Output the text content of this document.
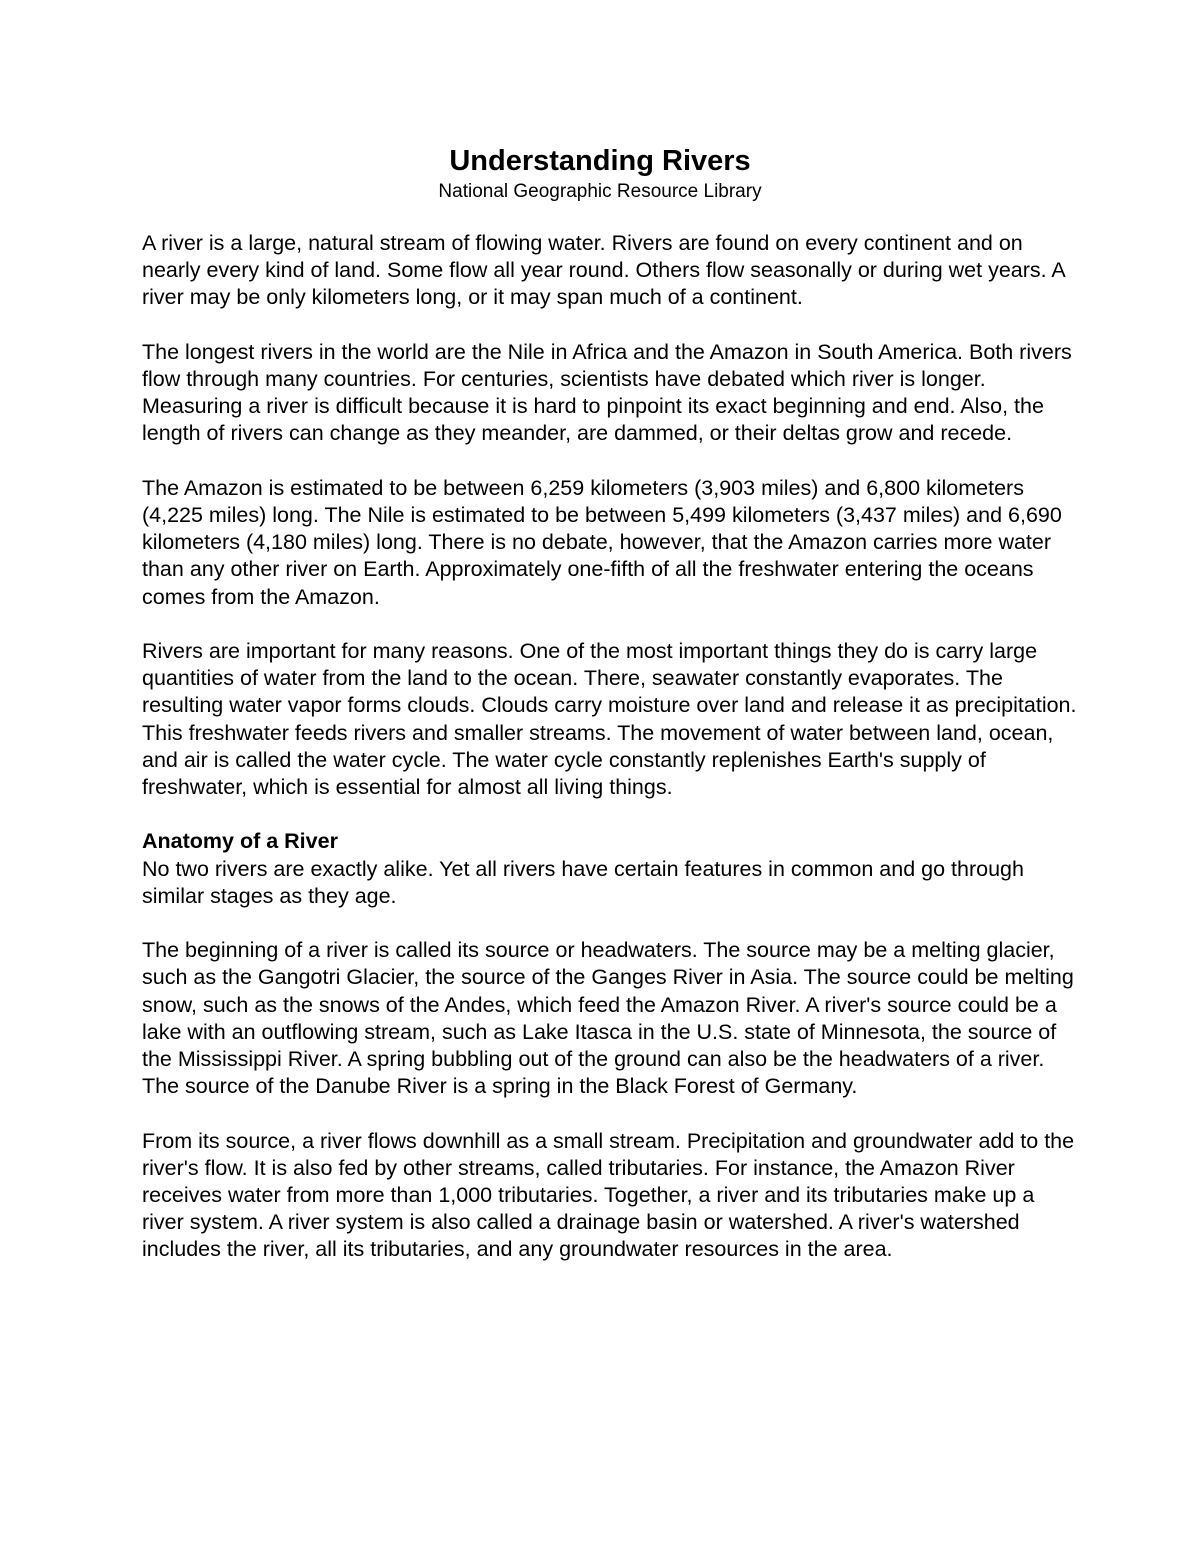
Understanding Rivers
National Geographic Resource Library

A river is a large, natural stream of flowing water. Rivers are found on every continent and on nearly every kind of land. Some flow all year round. Others flow seasonally or during wet years. A river may be only kilometers long, or it may span much of a continent.

The longest rivers in the world are the Nile in Africa and the Amazon in South America. Both rivers flow through many countries. For centuries, scientists have debated which river is longer. Measuring a river is difficult because it is hard to pinpoint its exact beginning and end. Also, the length of rivers can change as they meander, are dammed, or their deltas grow and recede.

The Amazon is estimated to be between 6,259 kilometers (3,903 miles) and 6,800 kilometers (4,225 miles) long. The Nile is estimated to be between 5,499 kilometers (3,437 miles) and 6,690 kilometers (4,180 miles) long. There is no debate, however, that the Amazon carries more water than any other river on Earth. Approximately one-fifth of all the freshwater entering the oceans comes from the Amazon.

Rivers are important for many reasons. One of the most important things they do is carry large quantities of water from the land to the ocean. There, seawater constantly evaporates. The resulting water vapor forms clouds. Clouds carry moisture over land and release it as precipitation. This freshwater feeds rivers and smaller streams. The movement of water between land, ocean, and air is called the water cycle. The water cycle constantly replenishes Earth's supply of freshwater, which is essential for almost all living things.

Anatomy of a River

No two rivers are exactly alike. Yet all rivers have certain features in common and go through similar stages as they age.

The beginning of a river is called its source or headwaters. The source may be a melting glacier, such as the Gangotri Glacier, the source of the Ganges River in Asia. The source could be melting snow, such as the snows of the Andes, which feed the Amazon River. A river's source could be a lake with an outflowing stream, such as Lake Itasca in the U.S. state of Minnesota, the source of the Mississippi River. A spring bubbling out of the ground can also be the headwaters of a river. The source of the Danube River is a spring in the Black Forest of Germany.

From its source, a river flows downhill as a small stream. Precipitation and groundwater add to the river's flow. It is also fed by other streams, called tributaries. For instance, the Amazon River receives water from more than 1,000 tributaries. Together, a river and its tributaries make up a river system. A river system is also called a drainage basin or watershed. A river's watershed includes the river, all its tributaries, and any groundwater resources in the area.
